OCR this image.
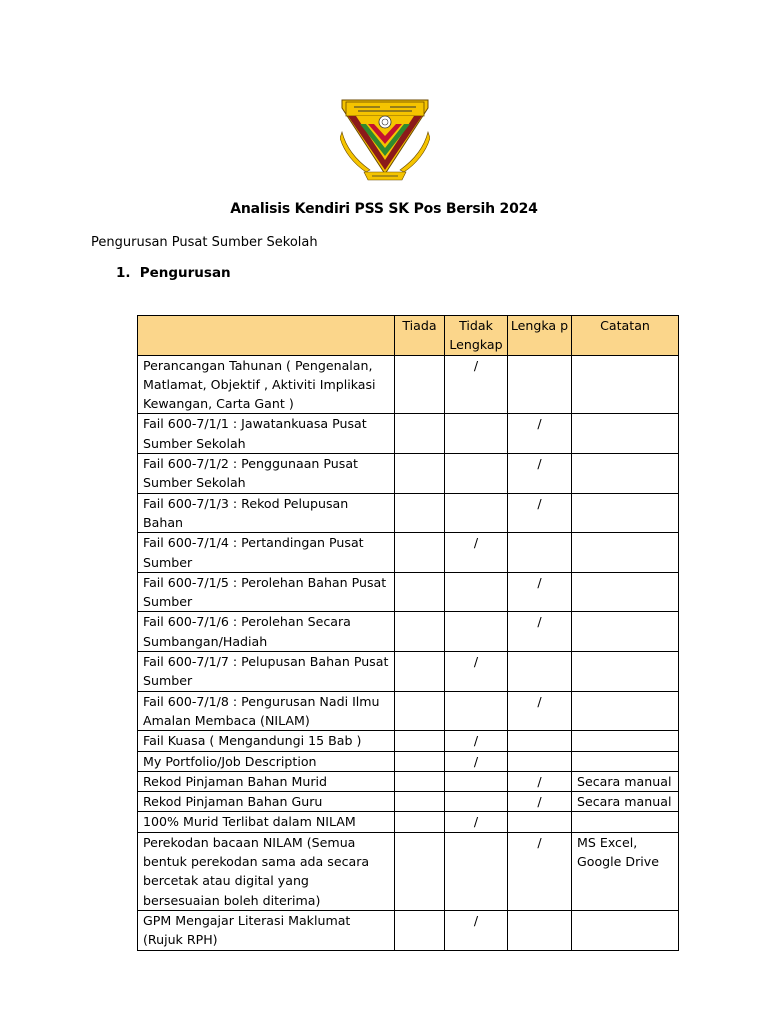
Analisis Kendiri PSS SK Pos Bersih 2024
Pengurusan Pusat Sumber Sekolah
1. Pengurusan
	Tiada	Tidak Lengkap	Lengka p	Catatan
Perancangan Tahunan ( Pengenalan, Matlamat, Objektif , Aktiviti Implikasi Kewangan, Carta Gant )		/		
Fail 600-7/1/1 : Jawatankuasa Pusat Sumber Sekolah			/	
Fail 600-7/1/2 : Penggunaan Pusat Sumber Sekolah			/	
Fail 600-7/1/3 : Rekod Pelupusan Bahan			/	
Fail 600-7/1/4 : Pertandingan Pusat Sumber		/		
Fail 600-7/1/5 : Perolehan Bahan Pusat Sumber			/	
Fail 600-7/1/6 : Perolehan Secara Sumbangan/Hadiah			/	
Fail 600-7/1/7 : Pelupusan Bahan Pusat Sumber		/		
Fail 600-7/1/8 : Pengurusan Nadi Ilmu Amalan Membaca (NILAM)			/	
Fail Kuasa ( Mengandungi 15 Bab )		/		
My Portfolio/Job Description		/		
Rekod Pinjaman Bahan Murid			/	Secara manual
Rekod Pinjaman Bahan Guru			/	Secara manual
100% Murid Terlibat dalam NILAM		/		
Perekodan bacaan NILAM (Semua bentuk perekodan sama ada secara bercetak atau digital yang bersesuaian boleh diterima)			/	MS Excel, Google Drive
GPM Mengajar Literasi Maklumat (Rujuk RPH)		/		
